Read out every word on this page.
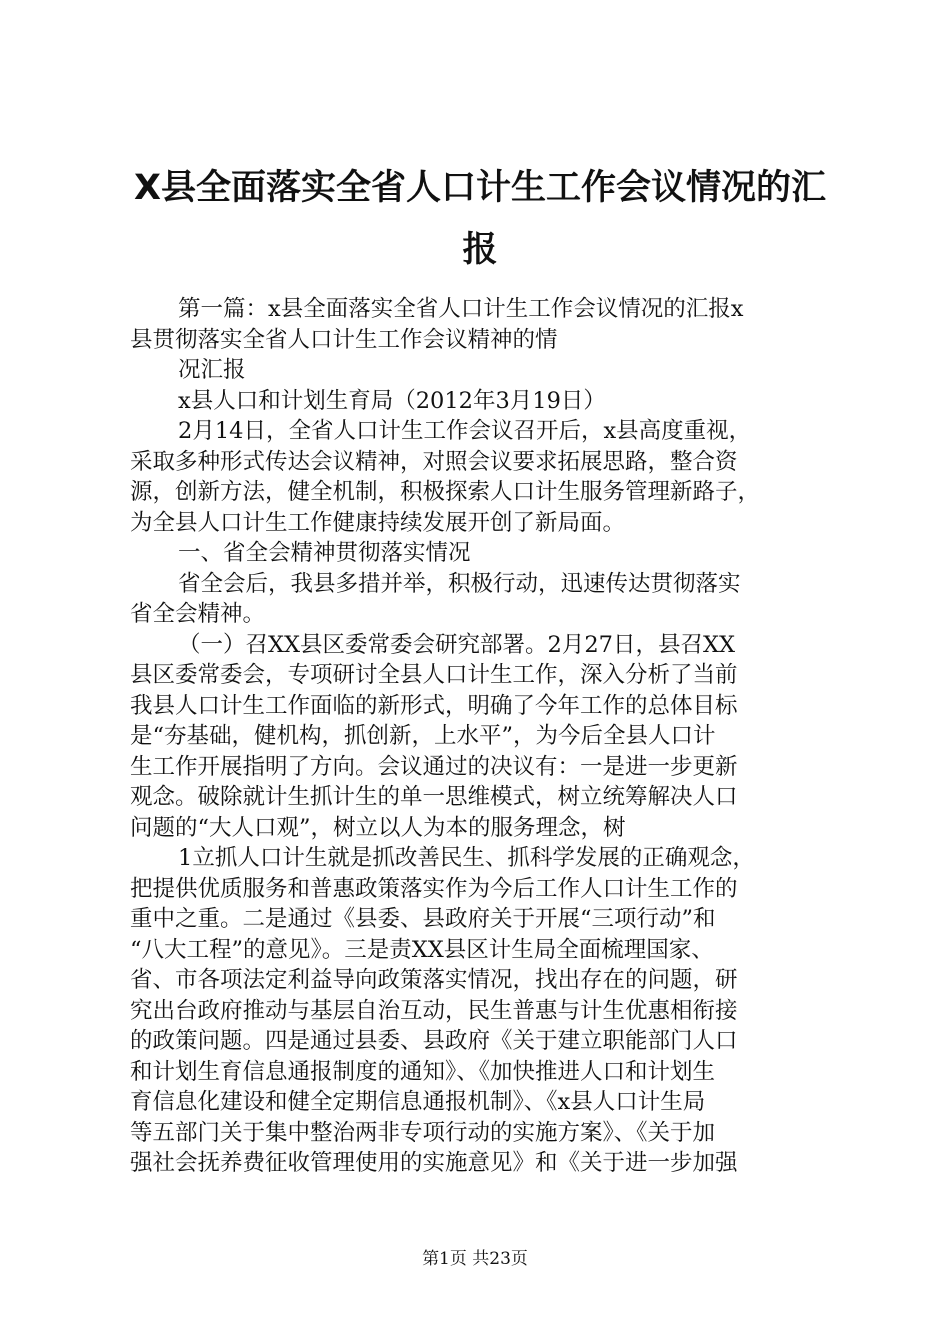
X县全面落实全省人口计生工作会议情况的汇
报
第一篇：x县全面落实全省人口计生工作会议情况的汇报x
县贯彻落实全省人口计生工作会议精神的情
况汇报
x县人口和计划生育局（2012年3月19日）
2月14日，全省人口计生工作会议召开后，x县高度重视，
采取多种形式传达会议精神，对照会议要求拓展思路，整合资
源，创新方法，健全机制，积极探索人口计生服务管理新路子，
为全县人口计生工作健康持续发展开创了新局面。
一、省全会精神贯彻落实情况
省全会后，我县多措并举，积极行动，迅速传达贯彻落实
省全会精神。
（一）召XX县区委常委会研究部署。2月27日，县召XX
县区委常委会，专项研讨全县人口计生工作，深入分析了当前
我县人口计生工作面临的新形式，明确了今年工作的总体目标
是“夯基础，健机构，抓创新，上水平”，为今后全县人口计
生工作开展指明了方向。会议通过的决议有：一是进一步更新
观念。破除就计生抓计生的单一思维模式，树立统筹解决人口
问题的“大人口观”，树立以人为本的服务理念，树
1立抓人口计生就是抓改善民生、抓科学发展的正确观念，
把提供优质服务和普惠政策落实作为今后工作人口计生工作的
重中之重。二是通过《县委、县政府关于开展“三项行动”和
“八大工程”的意见》。三是责XX县区计生局全面梳理国家、
省、市各项法定利益导向政策落实情况，找出存在的问题，研
究出台政府推动与基层自治互动，民生普惠与计生优惠相衔接
的政策问题。四是通过县委、县政府《关于建立职能部门人口
和计划生育信息通报制度的通知》、《加快推进人口和计划生
育信息化建设和健全定期信息通报机制》、《x县人口计生局
等五部门关于集中整治两非专项行动的实施方案》、《关于加
强社会抚养费征收管理使用的实施意见》和《关于进一步加强
第1页 共23页
